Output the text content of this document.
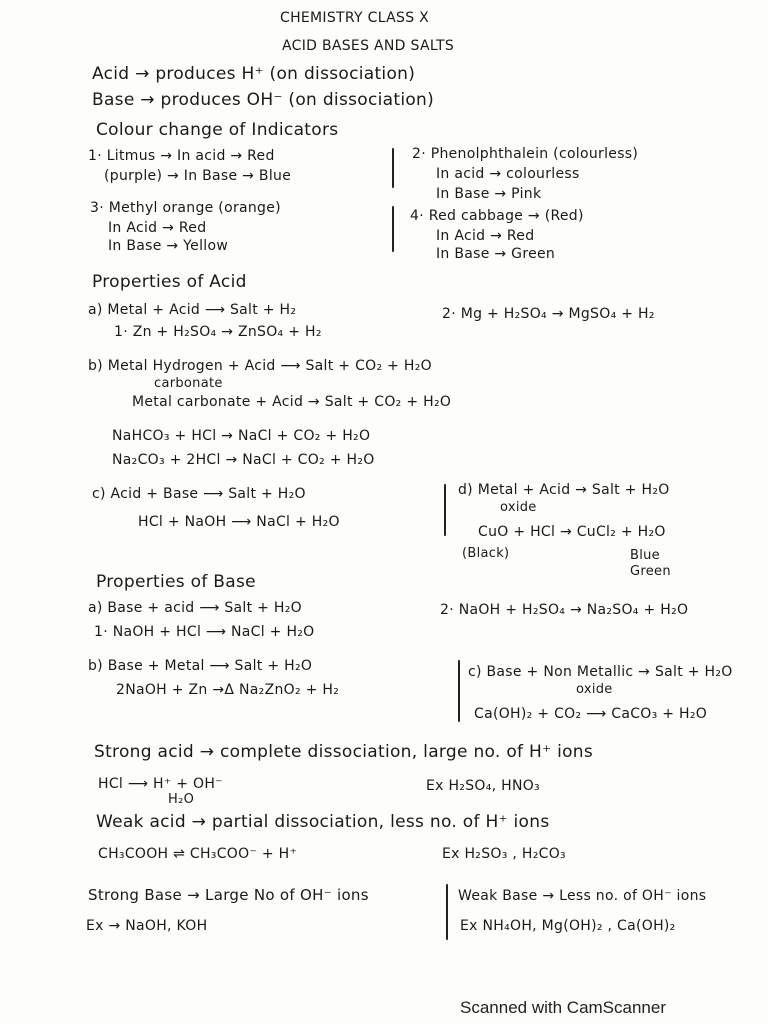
CHEMISTRY CLASS X
ACID BASES AND SALTS
Acid → produces H⁺ (on dissociation)
Base → produces OH⁻ (on dissociation)
Colour change of Indicators
1· Litmus → In acid → Red
(purple) → In Base → Blue
2· Phenolphthalein (colourless)
In acid → colourless
In Base → Pink
3· Methyl orange (orange)
In Acid → Red
In Base → Yellow
4· Red cabbage → (Red)
In Acid → Red
In Base → Green
Properties of Acid
a) Metal + Acid ⟶ Salt + H₂
1· Zn + H₂SO₄ → ZnSO₄ + H₂
2· Mg + H₂SO₄ → MgSO₄ + H₂
b) Metal Hydrogen + Acid ⟶ Salt + CO₂ + H₂O
carbonate
Metal carbonate + Acid → Salt + CO₂ + H₂O
NaHCO₃ + HCl → NaCl + CO₂ + H₂O
Na₂CO₃ + 2HCl → NaCl + CO₂ + H₂O
c) Acid + Base ⟶ Salt + H₂O
HCl + NaOH ⟶ NaCl + H₂O
d) Metal + Acid → Salt + H₂O
oxide
CuO + HCl → CuCl₂ + H₂O
(Black)	Blue
Green
Properties of Base
a) Base + acid ⟶ Salt + H₂O
1· NaOH + HCl ⟶ NaCl + H₂O
2· NaOH + H₂SO₄ → Na₂SO₄ + H₂O
b) Base + Metal ⟶ Salt + H₂O
2NaOH + Zn →Δ Na₂ZnO₂ + H₂
c) Base + Non Metallic → Salt + H₂O
oxide
Ca(OH)₂ + CO₂ ⟶ CaCO₃ + H₂O
Strong acid → complete dissociation, large no. of H⁺ ions
HCl ⟶ H⁺ + OH⁻
H₂O
Ex H₂SO₄, HNO₃
Weak acid → partial dissociation, less no. of H⁺ ions
CH₃COOH ⇌ CH₃COO⁻ + H⁺	Ex H₂SO₃ , H₂CO₃
Strong Base → Large No of OH⁻ ions
Ex → NaOH, KOH
Weak Base → Less no. of OH⁻ ions
Ex NH₄OH, Mg(OH)₂ , Ca(OH)₂
Scanned with CamScanner
